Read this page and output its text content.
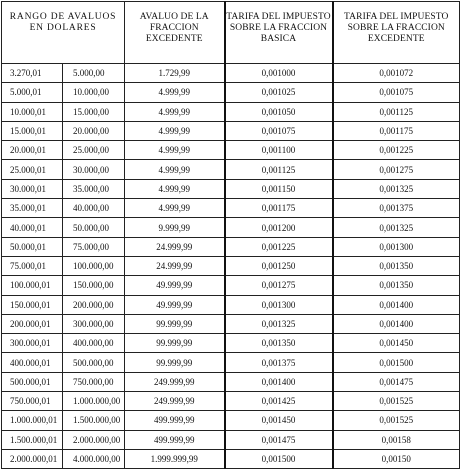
RANGO DE AVALUOS EN DOLARES		AVALUO DE LA FRACCION EXCEDENTE	TARIFA DEL IMPUESTO SOBRE LA FRACCION BASICA	TARIFA DEL IMPUESTO SOBRE LA FRACCION EXCEDENTE
3.270,01	5.000,00	1.729,99	0,001000	0,001072
5.000,01	10.000,00	4.999,99	0,001025	0,001075
10.000,01	15.000,00	4.999,99	0,001050	0,001125
15.000,01	20.000,00	4.999,99	0,001075	0,001175
20.000,01	25.000,00	4.999,99	0,001100	0,001225
25.000,01	30.000,00	4.999,99	0,001125	0,001275
30.000,01	35.000,00	4.999,99	0,001150	0,001325
35.000,01	40.000,00	4.999,99	0,001175	0,001375
40.000,01	50.000,00	9.999,99	0,001200	0,001325
50.000,01	75.000,00	24.999,99	0,001225	0,001300
75.000,01	100.000,00	24.999,99	0,001250	0,001350
100.000,01	150.000,00	49.999,99	0,001275	0,001350
150.000,01	200.000,00	49.999,99	0,001300	0,001400
200.000,01	300.000,00	99.999,99	0,001325	0,001400
300.000,01	400.000,00	99.999,99	0,001350	0,001450
400.000,01	500.000,00	99.999,99	0,001375	0,001500
500.000,01	750.000,00	249.999,99	0,001400	0,001475
750.000,01	1.000.000,00	249.999,99	0,001425	0,001525
1.000.000,01	1.500.000,00	499.999,99	0,001450	0,001525
1.500.000,01	2.000.000,00	499.999,99	0,001475	0,00158
2.000.000,01	4.000.000,00	1.999.999,99	0,001500	0,00150
